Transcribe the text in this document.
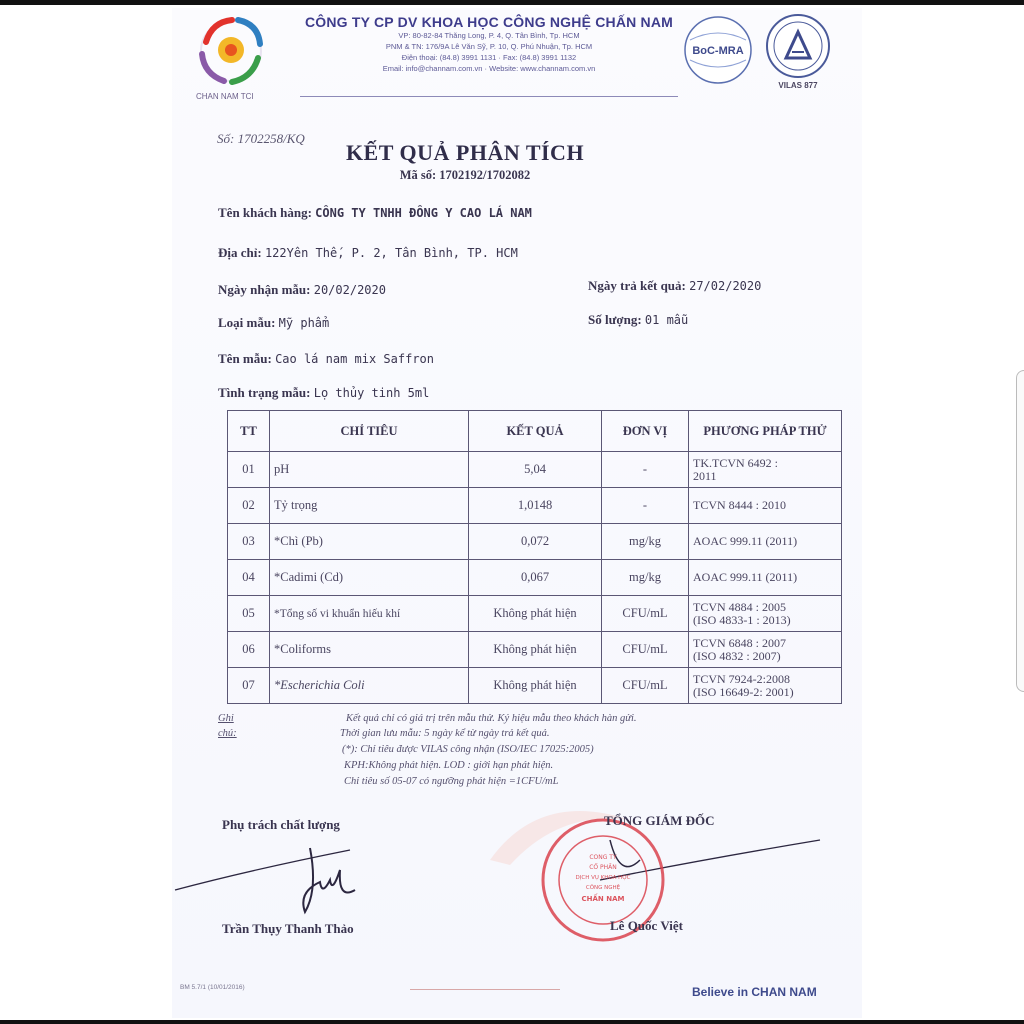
CHAN NAM TCI
CÔNG TY CP DV KHOA HỌC CÔNG NGHỆ CHẤN NAM
VP: 80-82-84 Thăng Long, P. 4, Q. Tân Bình, Tp. HCM
PNM & TN: 176/9A Lê Văn Sỹ, P. 10, Q. Phú Nhuận, Tp. HCM
Điện thoại: (84.8) 3991 1131 · Fax: (84.8) 3991 1132
Email: info@channam.com.vn · Website: www.channam.com.vn
BoC-MRA
VILAS 877
Số: 1702258/KQ
KẾT QUẢ PHÂN TÍCH
Mã số: 1702192/1702082
Tên khách hàng: CÔNG TY TNHH ĐÔNG Y CAO LÁ NAM
Địa chỉ: 122Yên Thế, P. 2, Tân Bình, TP. HCM
Ngày nhận mẫu: 20/02/2020	Ngày trả kết quả: 27/02/2020
Loại mẫu: Mỹ phẩm	Số lượng: 01 mẫu
Tên mẫu: Cao lá nam mix Saffron
Tình trạng mẫu: Lọ thủy tinh 5ml
TT	CHỈ TIÊU	KẾT QUẢ	ĐƠN VỊ	PHƯƠNG PHÁP THỬ
01	pH	5,04	-	TK.TCVN 6492 :
2011

02	Tỷ trọng	1,0148	-	TCVN 8444 : 2010

03	*Chì (Pb)	0,072	mg/kg	AOAC 999.11 (2011)

04	*Cadimi (Cd)	0,067	mg/kg	AOAC 999.11 (2011)

05	*Tổng số vi khuẩn hiếu khí	Không phát hiện	CFU/mL	TCVN 4884 : 2005
(ISO 4833-1 : 2013)

06	*Coliforms	Không phát hiện	CFU/mL	TCVN 6848 : 2007
(ISO 4832 : 2007)

07	*Escherichia Coli	Không phát hiện	CFU/mL	TCVN 7924-2:2008
(ISO 16649-2: 2001)
Ghi chú:
Kết quả chỉ có giá trị trên mẫu thử. Ký hiệu mẫu theo khách hàn gửi.
Thời gian lưu mẫu: 5 ngày kể từ ngày trả kết quả.
(*): Chỉ tiêu được VILAS công nhận (ISO/IEC 17025:2005)
KPH:Không phát hiện. LOD : giới hạn phát hiện.
Chỉ tiêu số 05-07 có ngưỡng phát hiện =1CFU/mL
Phụ trách chất lượng
Trần Thụy Thanh Thảo
CÔNG TY
CỔ PHẦN
DỊCH VỤ KHOA HỌC
CÔNG NGHỆ
CHẤN NAM
TỔNG GIÁM ĐỐC
Lê Quốc Việt
BM 5.7/1 (10/01/2016)	Believe in CHAN NAM
